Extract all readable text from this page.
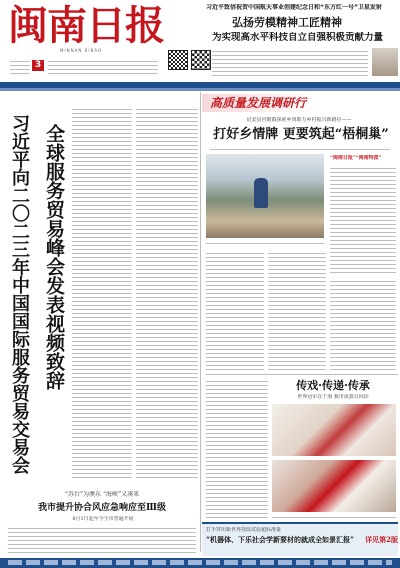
闽南日报
MINNAN RIBAO
3
习近平致信祝贺中国航天事业创建纪念日和“东方红一号”卫星发射
弘扬劳模精神工匠精神
为实现高水平科技自立自强积极贡献力量
全球服务贸易峰会发表视频致辞
习近平向二〇二三年中国国际服务贸易交易会
“苏台”为澳东 “海峡”又凑来
我市提升协合风应急响应至Ⅲ级
8月1日起至今全市普遍开展
高质量发展调研行
诏安县官陂镇探索乡贤助力乡村振兴新路径——
打好乡情牌 更要筑起“梧桐巢”
“闽南日报”“闽南特派”
传戏·传递·传承
世界冠军在于海 我市夜游召回活
打手穿出新世界技改试验超标准量
“机器体、下乐社会学新要材的就成全如景汇报”	详见第2版
